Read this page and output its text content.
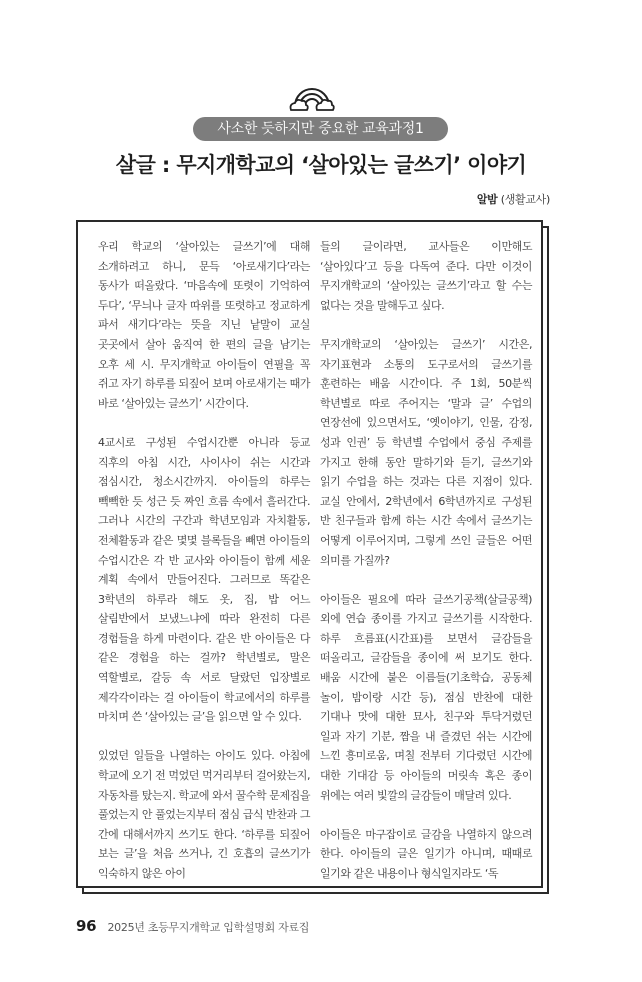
사소한 듯하지만 중요한 교육과정1
살글 : 무지개학교의 ‘살아있는 글쓰기’ 이야기
알밤 (생활교사)

우리 학교의 ‘살아있는 글쓰기’에 대해 소개하려고 하니, 문득 ‘아로새기다’라는 동사가 떠올랐다. ‘마음속에 또렷이 기억하여 두다’, ‘무늬나 글자 따위를 또렷하고 정교하게 파서 새기다’라는 뜻을 지닌 낱말이 교실 곳곳에서 살아 움직여 한 편의 글을 남기는 오후 세 시. 무지개학교 아이들이 연필을 꼭 쥐고 자기 하루를 되짚어 보며 아로새기는 때가 바로 ‘살아있는 글쓰기’ 시간이다.

4교시로 구성된 수업시간뿐 아니라 등교 직후의 아침 시간, 사이사이 쉬는 시간과 점심시간, 청소시간까지. 아이들의 하루는 빽빽한 듯 성근 듯 짜인 흐름 속에서 흘러간다. 그러나 시간의 구간과 학년모임과 자치활동, 전체활동과 같은 몇몇 블록들을 빼면 아이들의 수업시간은 각 반 교사와 아이들이 함께 세운 계획 속에서 만들어진다. 그러므로 똑같은 3학년의 하루라 해도 옷, 집, 밥 어느 살림반에서 보냈느냐에 따라 완전히 다른 경험들을 하게 마련이다. 같은 반 아이들은 다 같은 경험을 하는 걸까? 학년별로, 말은 역할별로, 갈등 속 서로 달랐던 입장별로 제각각이라는 걸 아이들이 학교에서의 하루를 마치며 쓴 ‘살아있는 글’을 읽으면 알 수 있다.

있었던 일들을 나열하는 아이도 있다. 아침에 학교에 오기 전 먹었던 먹거리부터 걸어왔는지, 자동차를 탔는지. 학교에 와서 꿀수학 문제집을 풀었는지 안 풀었는지부터 점심 급식 반찬과 그 간에 대해서까지 쓰기도 한다. ‘하루를 되짚어 보는 글’을 처음 쓰거나, 긴 호흡의 글쓰기가 익숙하지 않은 아이

들의 글이라면, 교사들은 이만해도 ‘살아있다’고 등을 다독여 준다. 다만 이것이 무지개학교의 ‘살아있는 글쓰기’라고 할 수는 없다는 것을 말해두고 싶다.

무지개학교의 ‘살아있는 글쓰기’ 시간은, 자기표현과 소통의 도구로서의 글쓰기를 훈련하는 배움 시간이다. 주 1회, 50분씩 학년별로 따로 주어지는 ‘말과 글’ 수업의 연장선에 있으면서도, ‘옛이야기, 인물, 감정, 성과 인권’ 등 학년별 수업에서 중심 주제를 가지고 한해 동안 말하기와 듣기, 글쓰기와 읽기 수업을 하는 것과는 다른 지점이 있다. 교실 안에서, 2학년에서 6학년까지로 구성된 반 친구들과 함께 하는 시간 속에서 글쓰기는 어떻게 이루어지며, 그렇게 쓰인 글들은 어떤 의미를 가질까?

아이들은 필요에 따라 글쓰기공책(살글공책) 외에 연습 종이를 가지고 글쓰기를 시작한다. 하루 흐름표(시간표)를 보면서 글감들을 떠올리고, 글감들을 종이에 써 보기도 한다. 배움 시간에 붙은 이름들(기초학습, 공동체 놀이, 밤이랑 시간 등), 점심 반찬에 대한 기대나 맛에 대한 묘사, 친구와 투닥거렸던 일과 자기 기분, 짬을 내 즐겼던 쉬는 시간에 느낀 흥미로움, 며칠 전부터 기다렸던 시간에 대한 기대감 등 아이들의 머릿속 혹은 종이 위에는 여러 빛깔의 글감들이 매달려 있다.

아이들은 마구잡이로 글감을 나열하지 않으려 한다. 아이들의 글은 일기가 아니며, 때때로 일기와 같은 내용이나 형식일지라도 ‘독

96 2025년 초등무지개학교 입학설명회 자료집
